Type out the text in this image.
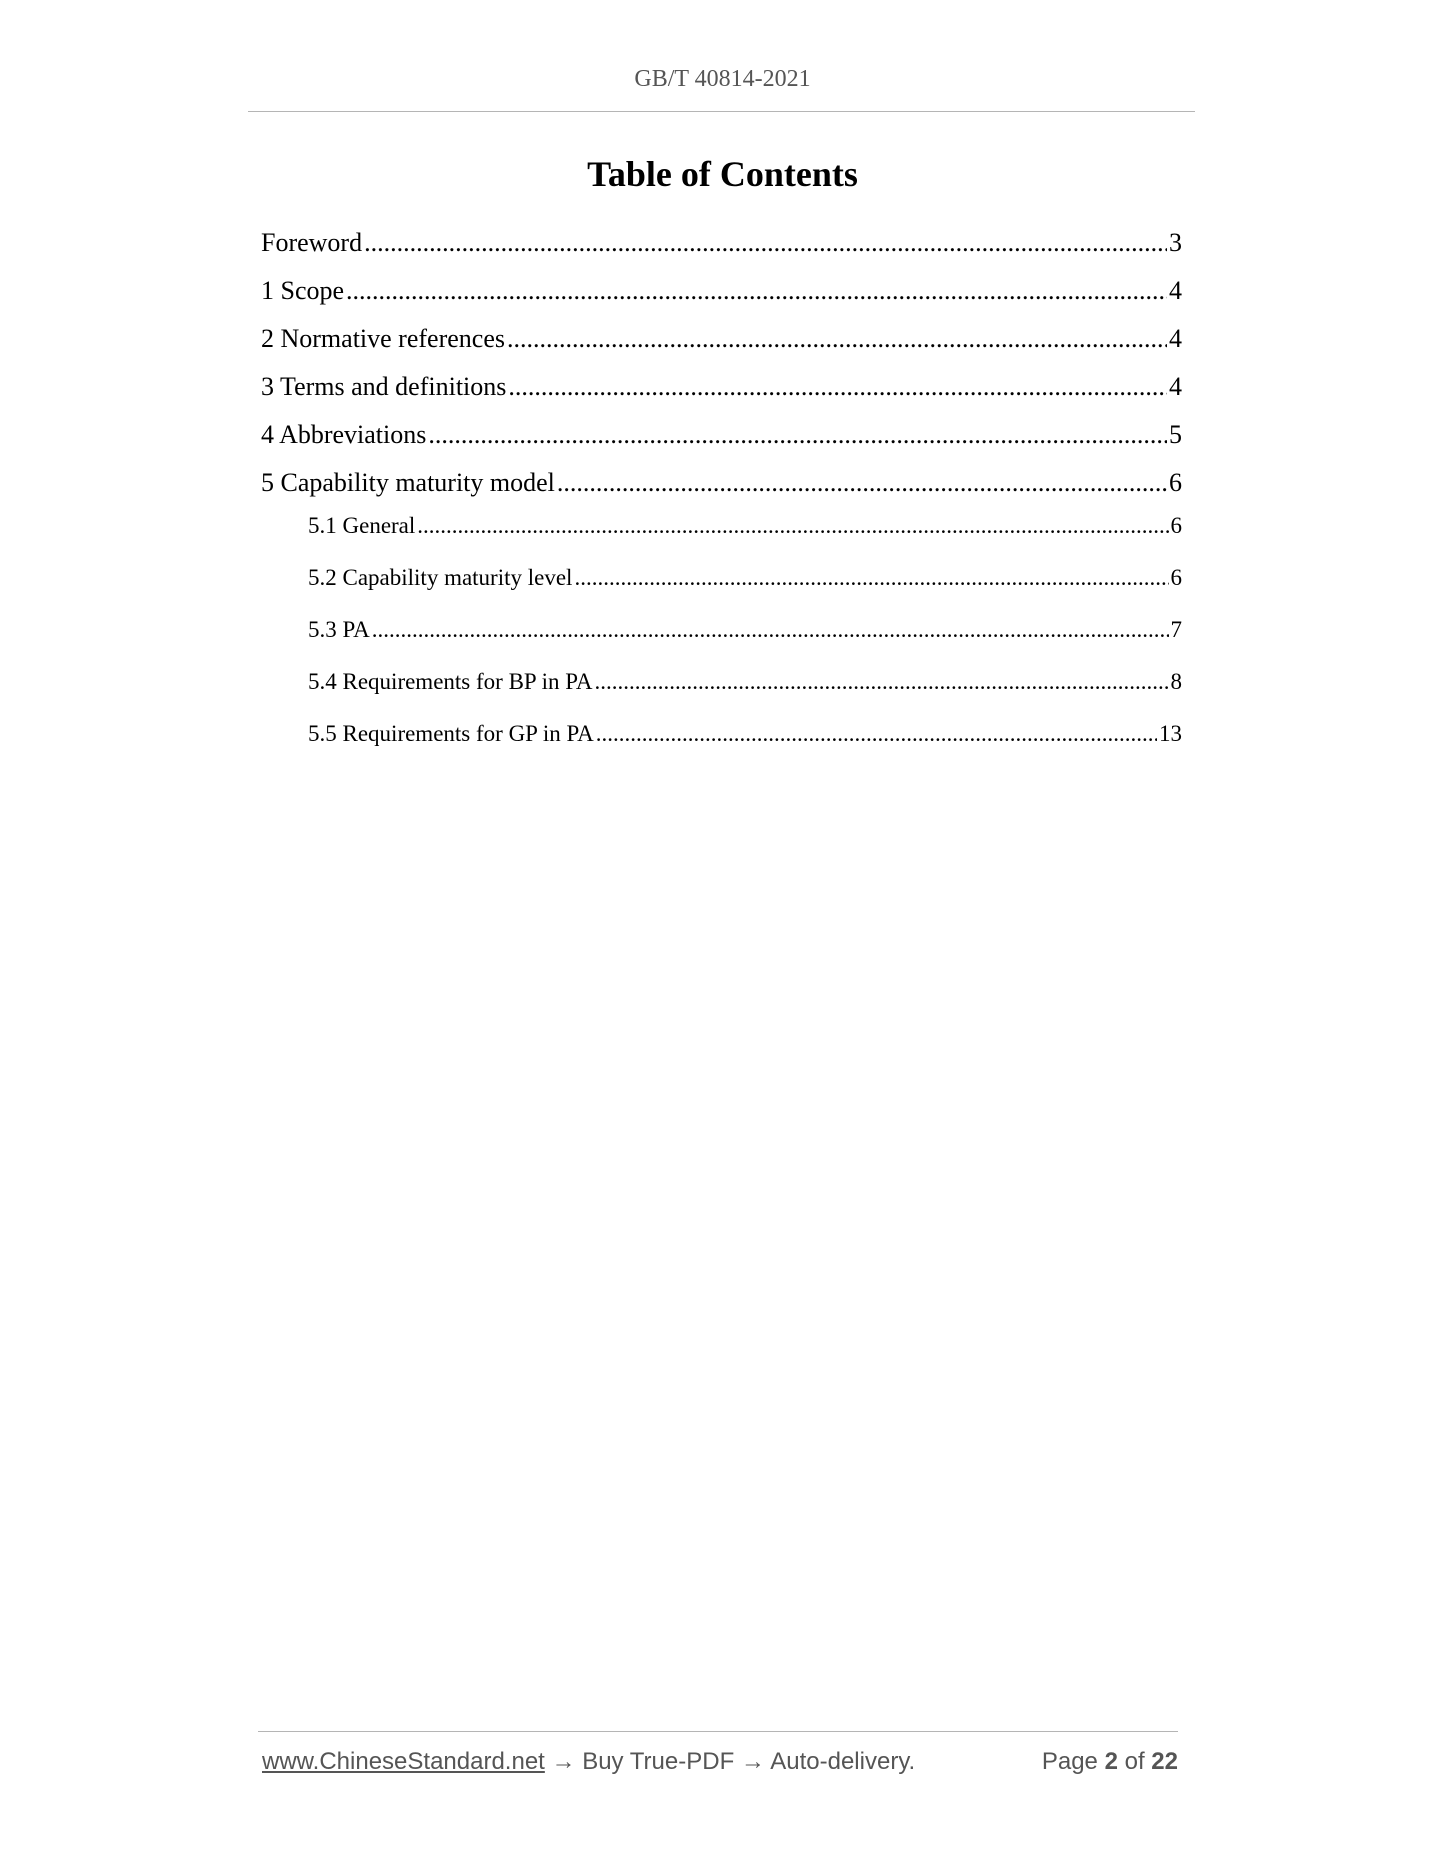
GB/T 40814-2021
Table of Contents
Foreword .....	3
1 Scope .....	4
2 Normative references .....	4
3 Terms and definitions .....	4
4 Abbreviations .....	5
5 Capability maturity model .....	6
5.1 General .....	6
5.2 Capability maturity level .....	6
5.3 PA .....	7
5.4 Requirements for BP in PA .....	8
5.5 Requirements for GP in PA .....	13
www.ChineseStandard.net → Buy True-PDF → Auto-delivery.	Page 2 of 22
